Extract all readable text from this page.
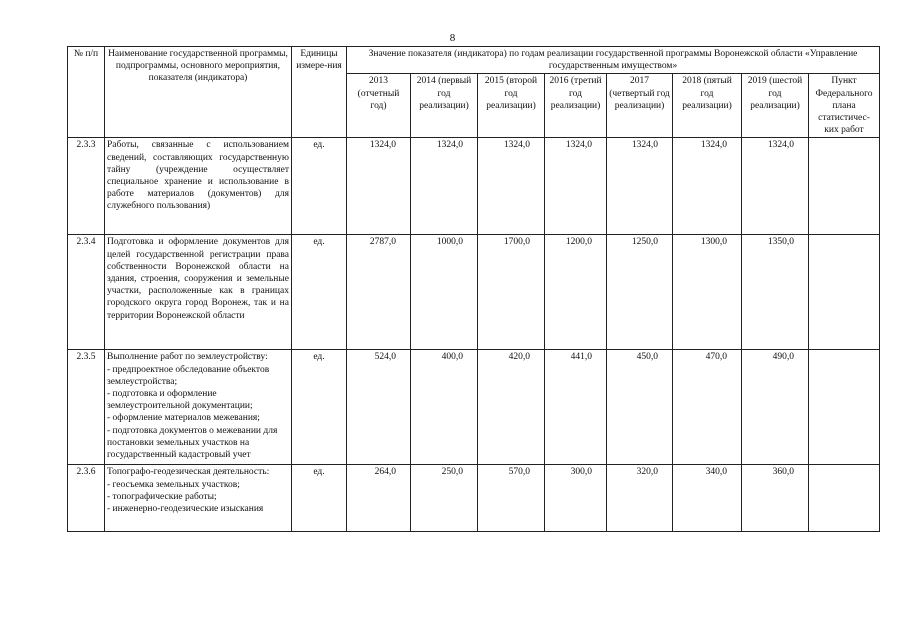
8
№ п/п	Наименование государственной программы, подпрограммы, основного мероприятия, показателя (индикатора)	Единицы измере-ния	Значение показателя (индикатора) по годам реализации государственной программы Воронежской области «Управление государственным имуществом»							
			2013 (отчетный год)	2014 (первый год реализации)	2015 (второй год реализации)	2016 (третий год реализации)	2017 (четвертый год реализации)	2018 (пятый год реализации)	2019 (шестой год реализации)	Пункт Федерального плана статистичес-ких работ
2.3.3	Работы, связанные с использованием сведений, составляющих государственную тайну (учреждение осуществляет специальное хранение и использование в работе материалов (документов) для служебного пользования)	ед.	1324,0	1324,0	1324,0	1324,0	1324,0	1324,0	1324,0	
2.3.4	Подготовка и оформление документов для целей государственной регистрации права собственности Воронежской области на здания, строения, сооружения и земельные участки, расположенные как в границах городского округа город Воронеж, так и на территории Воронежской области	ед.	2787,0	1000,0	1700,0	1200,0	1250,0	1300,0	1350,0	
2.3.5	Выполнение работ по землеустройству:
- предпроектное обследование объектов землеустройства;
- подготовка и оформление землеустроительной документации;
- оформление материалов межевания;
- подготовка документов о межевании для постановки земельных участков на государственный кадастровый учет	ед.	524,0	400,0	420,0	441,0	450,0	470,0	490,0	
2.3.6	Топографо-геодезическая деятельность:
- геосъемка земельных участков;
- топографические работы;
- инженерно-геодезические изыскания	ед.	264,0	250,0	570,0	300,0	320,0	340,0	360,0	
